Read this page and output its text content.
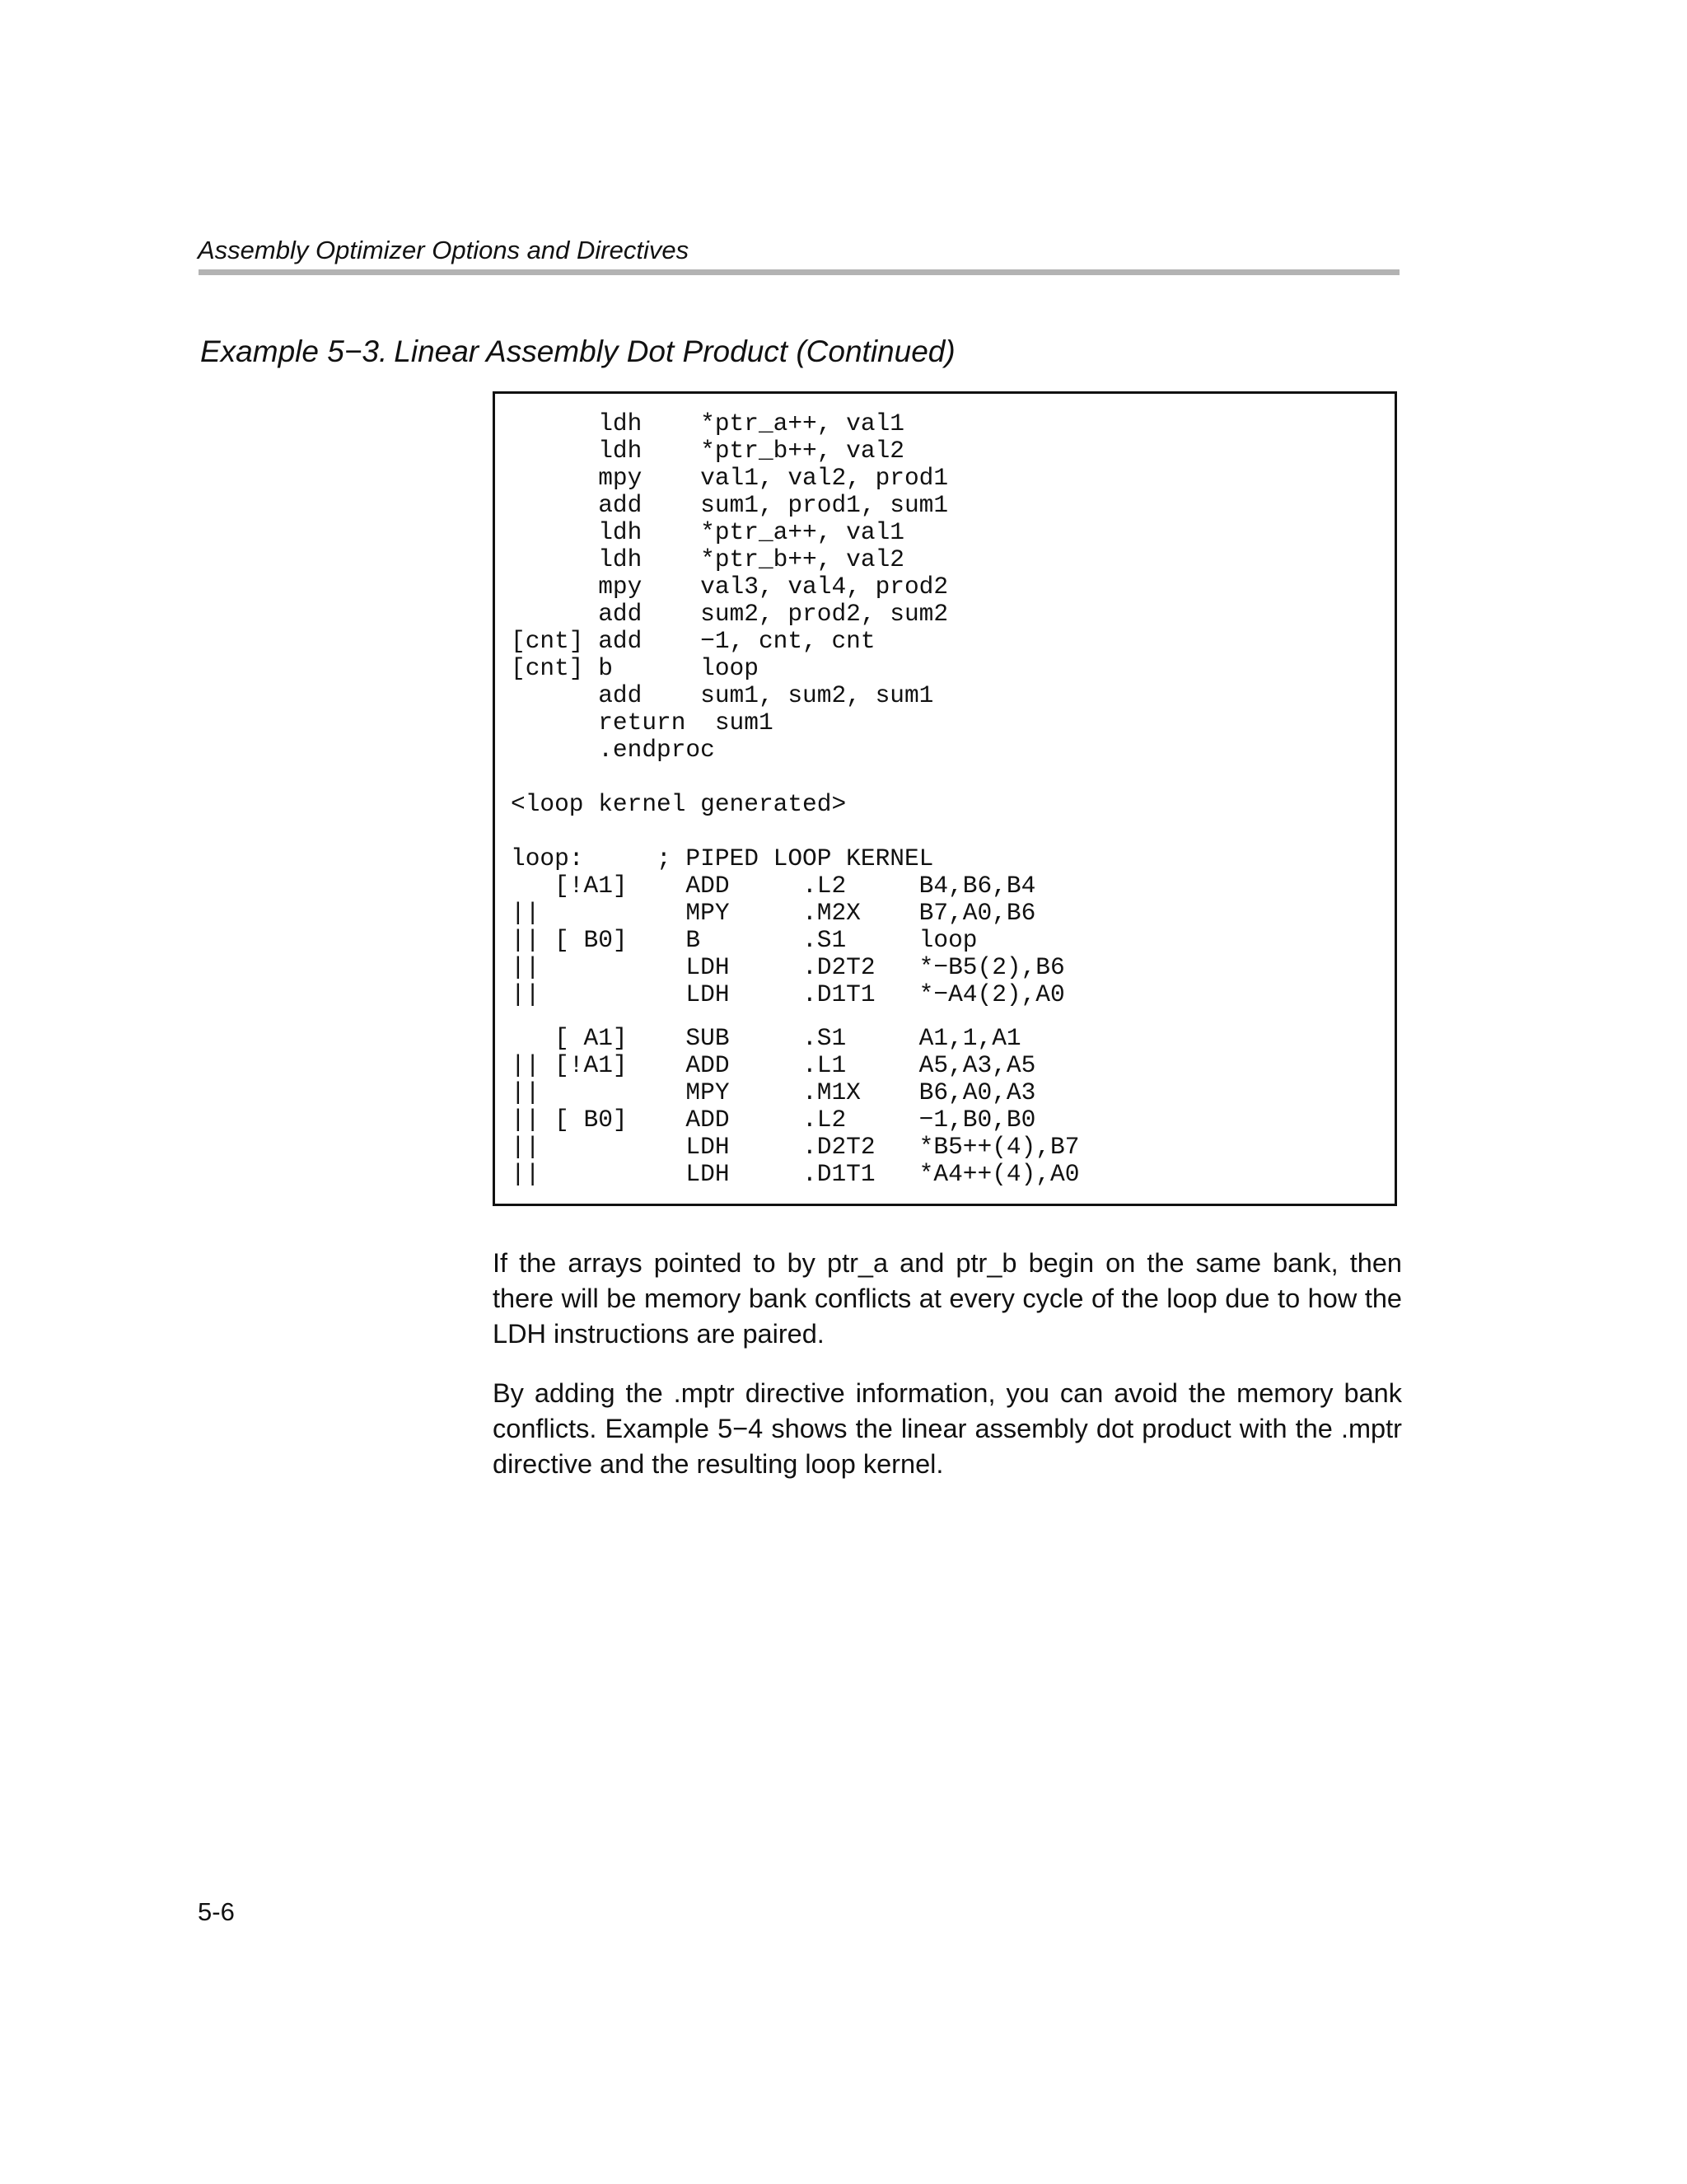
Assembly Optimizer Options and Directives
Example 5−3. Linear Assembly Dot Product (Continued)
ldh    *ptr_a++, val1
ldh    *ptr_b++, val2
mpy    val1, val2, prod1
add    sum1, prod1, sum1
ldh    *ptr_a++, val1
ldh    *ptr_b++, val2
mpy    val3, val4, prod2
add    sum2, prod2, sum2
[cnt] add    −1, cnt, cnt
[cnt] b      loop
add    sum1, sum2, sum1
return  sum1
.endproc
<loop kernel generated>
loop:     ; PIPED LOOP KERNEL
[!A1]    ADD     .L2     B4,B6,B4
||          MPY     .M2X    B7,A0,B6
|| [ B0]    B       .S1     loop
||          LDH     .D2T2   *−B5(2),B6
||          LDH     .D1T1   *−A4(2),A0
[ A1]    SUB     .S1     A1,1,A1
|| [!A1]    ADD     .L1     A5,A3,A5
||          MPY     .M1X    B6,A0,A3
|| [ B0]    ADD     .L2     −1,B0,B0
||          LDH     .D2T2   *B5++(4),B7
||          LDH     .D1T1   *A4++(4),A0

If the arrays pointed to by ptr_a and ptr_b begin on the same bank, then there will be memory bank conflicts at every cycle of the loop due to how the LDH instructions are paired.

By adding the .mptr directive information, you can avoid the memory bank conflicts. Example 5−4 shows the linear assembly dot product with the .mptr directive and the resulting loop kernel.

5-6
